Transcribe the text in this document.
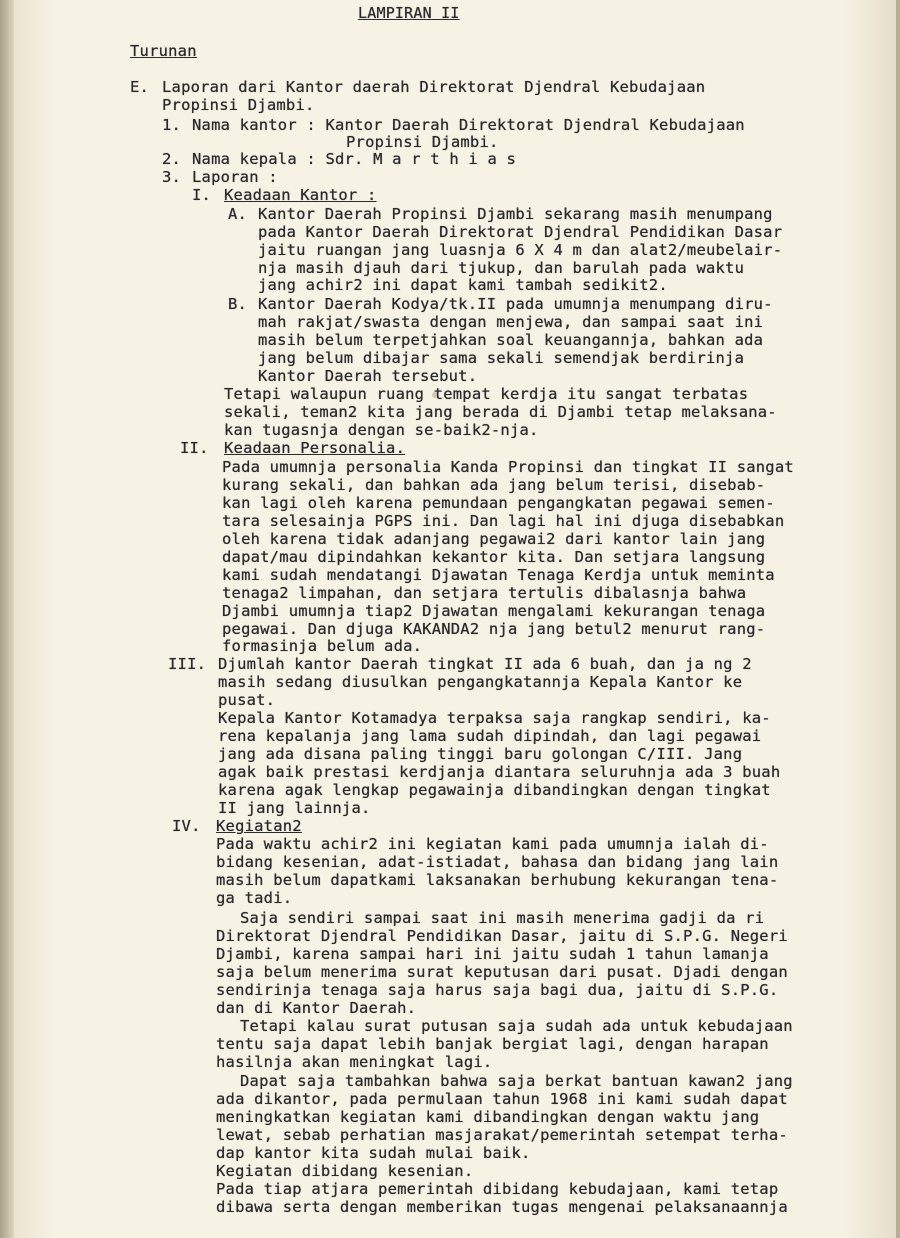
LAMPIRAN II
Turunan
E. Laporan dari Kantor daerah Direktorat Djendral Kebudajaan
Propinsi Djambi.
1. Nama kantor : Kantor Daerah Direktorat Djendral Kebudajaan
Propinsi Djambi.
2. Nama kepala : Sdr. M a r t h i a s
3. Laporan :
I. Keadaan Kantor :
A. Kantor Daerah Propinsi Djambi sekarang masih menumpang
pada Kantor Daerah Direktorat Djendral Pendidikan Dasar
jaitu ruangan jang luasnja 6 X 4 m dan alat2/meubelair-
nja masih djauh dari tjukup, dan barulah pada waktu
jang achir2 ini dapat kami tambah sedikit2.
B. Kantor Daerah Kodya/tk.II pada umumnja menumpang diru-
mah rakjat/swasta dengan menjewa, dan sampai saat ini
masih belum terpetjahkan soal keuangannja, bahkan ada
jang belum dibajar sama sekali semendjak berdirinja
Kantor Daerah tersebut.
Tetapi walaupun ruang tempat kerdja itu sangat terbatas
sekali, teman2 kita jang berada di Djambi tetap melaksana-
kan tugasnja dengan se-baik2-nja.
II. Keadaan Personalia.
Pada umumnja personalia Kanda Propinsi dan tingkat II sangat
kurang sekali, dan bahkan ada jang belum terisi, disebab-
kan lagi oleh karena pemundaan pengangkatan pegawai semen-
tara selesainja PGPS ini. Dan lagi hal ini djuga disebabkan
oleh karena tidak adanjang pegawai2 dari kantor lain jang
dapat/mau dipindahkan kekantor kita. Dan setjara langsung
kami sudah mendatangi Djawatan Tenaga Kerdja untuk meminta
tenaga2 limpahan, dan setjara tertulis dibalasnja bahwa
Djambi umumnja tiap2 Djawatan mengalami kekurangan tenaga
pegawai. Dan djuga KAKANDA2 nja jang betul2 menurut rang-
formasinja belum ada.
III. Djumlah kantor Daerah tingkat II ada 6 buah, dan ja ng 2
masih sedang diusulkan pengangkatannja Kepala Kantor ke
pusat.
Kepala Kantor Kotamadya terpaksa saja rangkap sendiri, ka-
rena kepalanja jang lama sudah dipindah, dan lagi pegawai
jang ada disana paling tinggi baru golongan C/III. Jang
agak baik prestasi kerdjanja diantara seluruhnja ada 3 buah
karena agak lengkap pegawainja dibandingkan dengan tingkat
II jang lainnja.
IV. Kegiatan2
Pada waktu achir2 ini kegiatan kami pada umumnja ialah di-
bidang kesenian, adat-istiadat, bahasa dan bidang jang lain
masih belum dapatkami laksanakan berhubung kekurangan tena-
ga tadi.
Saja sendiri sampai saat ini masih menerima gadji da ri
Direktorat Djendral Pendidikan Dasar, jaitu di S.P.G. Negeri
Djambi, karena sampai hari ini jaitu sudah 1 tahun lamanja
saja belum menerima surat keputusan dari pusat. Djadi dengan
sendirinja tenaga saja harus saja bagi dua, jaitu di S.P.G.
dan di Kantor Daerah.
Tetapi kalau surat putusan saja sudah ada untuk kebudajaan
tentu saja dapat lebih banjak bergiat lagi, dengan harapan
hasilnja akan meningkat lagi.
Dapat saja tambahkan bahwa saja berkat bantuan kawan2 jang
ada dikantor, pada permulaan tahun 1968 ini kami sudah dapat
meningkatkan kegiatan kami dibandingkan dengan waktu jang
lewat, sebab perhatian masjarakat/pemerintah setempat terha-
dap kantor kita sudah mulai baik.
Kegiatan dibidang kesenian.
Pada tiap atjara pemerintah dibidang kebudajaan, kami tetap
dibawa serta dengan memberikan tugas mengenai pelaksanaannja
